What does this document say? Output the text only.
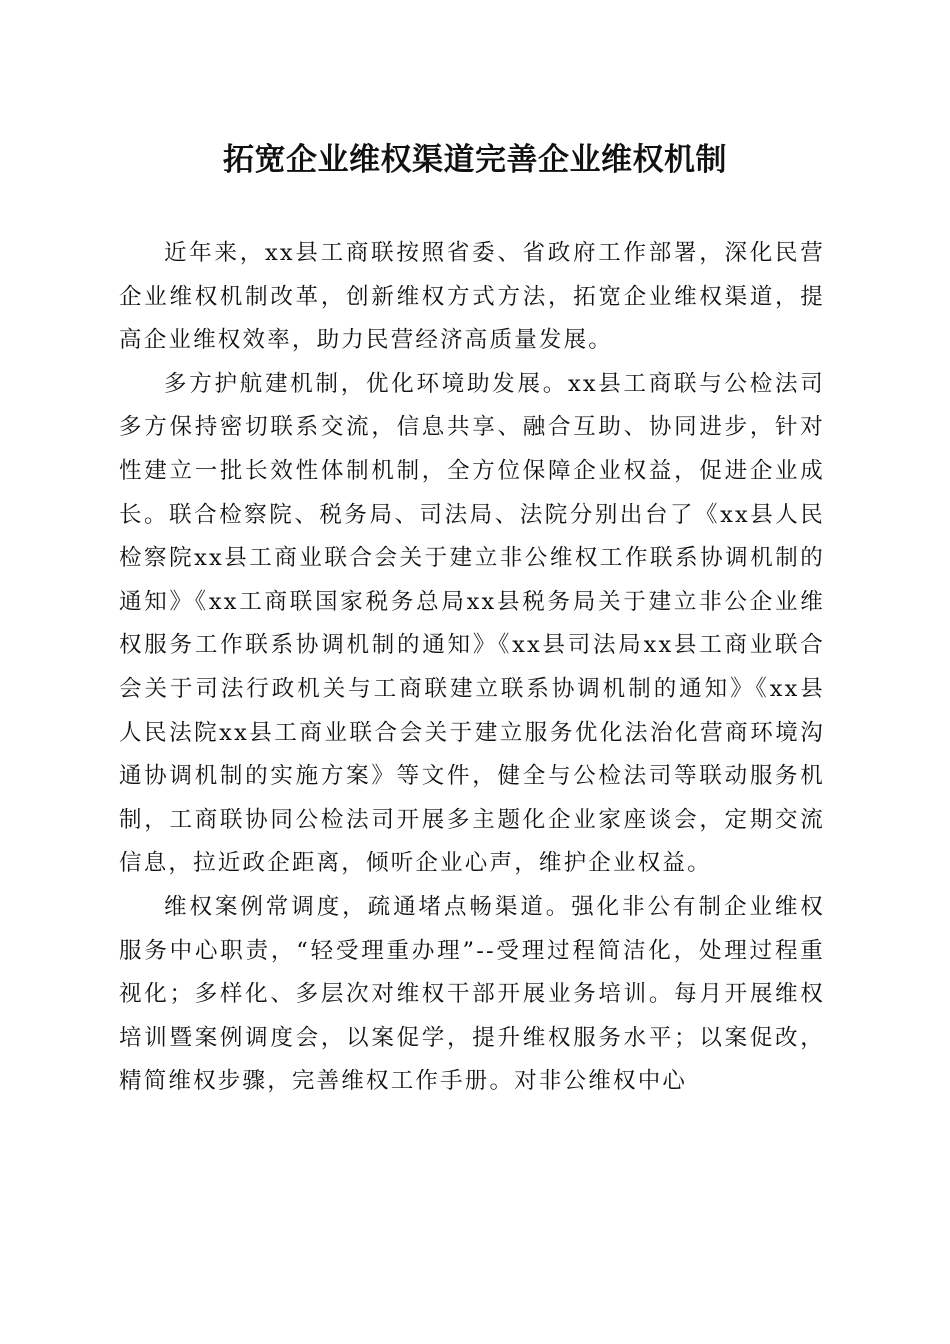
拓宽企业维权渠道完善企业维权机制

近年来，xx县工商联按照省委、省政府工作部署，深化民营企业维权机制改革，创新维权方式方法，拓宽企业维权渠道，提高企业维权效率，助力民营经济高质量发展。

多方护航建机制，优化环境助发展。xx县工商联与公检法司多方保持密切联系交流，信息共享、融合互助、协同进步，针对性建立一批长效性体制机制，全方位保障企业权益，促进企业成长。联合检察院、税务局、司法局、法院分别出台了《xx县人民检察院xx县工商业联合会关于建立非公维权工作联系协调机制的通知》《xx工商联国家税务总局xx县税务局关于建立非公企业维权服务工作联系协调机制的通知》《xx县司法局xx县工商业联合会关于司法行政机关与工商联建立联系协调机制的通知》《xx县人民法院xx县工商业联合会关于建立服务优化法治化营商环境沟通协调机制的实施方案》等文件，健全与公检法司等联动服务机制，工商联协同公检法司开展多主题化企业家座谈会，定期交流信息，拉近政企距离，倾听企业心声，维护企业权益。

维权案例常调度，疏通堵点畅渠道。强化非公有制企业维权服务中心职责，“轻受理重办理”--受理过程简洁化，处理过程重视化；多样化、多层次对维权干部开展业务培训。每月开展维权培训暨案例调度会，以案促学，提升维权服务水平；以案促改，精简维权步骤，完善维权工作手册。对非公维权中心
